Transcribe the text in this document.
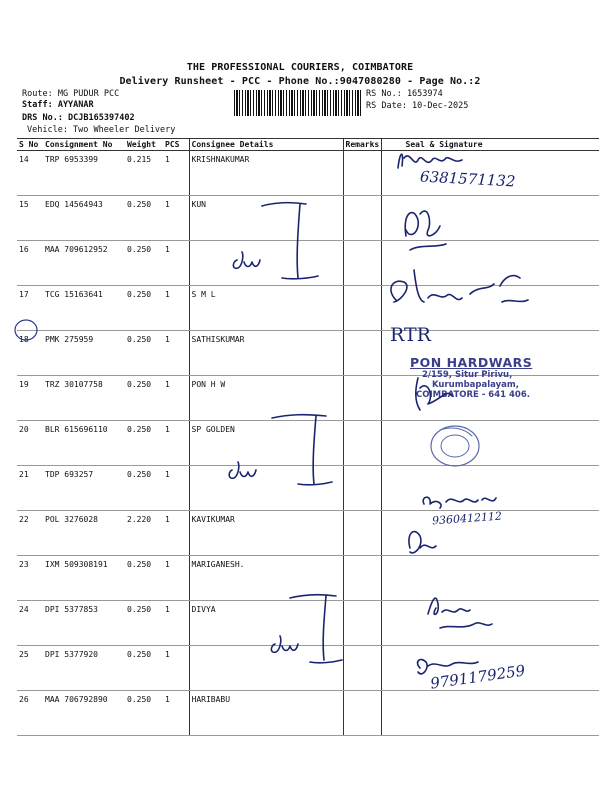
THE PROFESSIONAL COURIERS, COIMBATORE
Delivery Runsheet - PCC - Phone No.:9047080280 - Page No.:2
Route: MG PUDUR PCC
Staff: AYYANAR
DRS No.: DCJB165397402
Vehicle: Two Wheeler Delivery
RS No.: 1653974
RS Date: 10-Dec-2025
S No	Consignment No	Weight	PCS	Consignee Details	Remarks	Seal & Signature
14	TRP 6953399	0.215	1	KRISHNAKUMAR		
15	EDQ 14564943	0.250	1	KUN		
16	MAA 709612952	0.250	1			
17	TCG 15163641	0.250	1	S M L		
18	PMK 275959	0.250	1	SATHISKUMAR		
19	TRZ 30107758	0.250	1	PON H W		
20	BLR 615696110	0.250	1	SP GOLDEN		
21	TDP 693257	0.250	1			
22	POL 3276028	2.220	1	KAVIKUMAR		
23	IXM 509308191	0.250	1	MARIGANESH.		
24	DPI 5377853	0.250	1	DIVYA		
25	DPI 5377920	0.250	1			
26	MAA 706792890	0.250	1	HARIBABU		
6381571132
9360412112
9791179259
RTR
PON HARDWARS
2/159, Situr Pirivu,
Kurumbapalayam,
COIMBATORE - 641 406.
